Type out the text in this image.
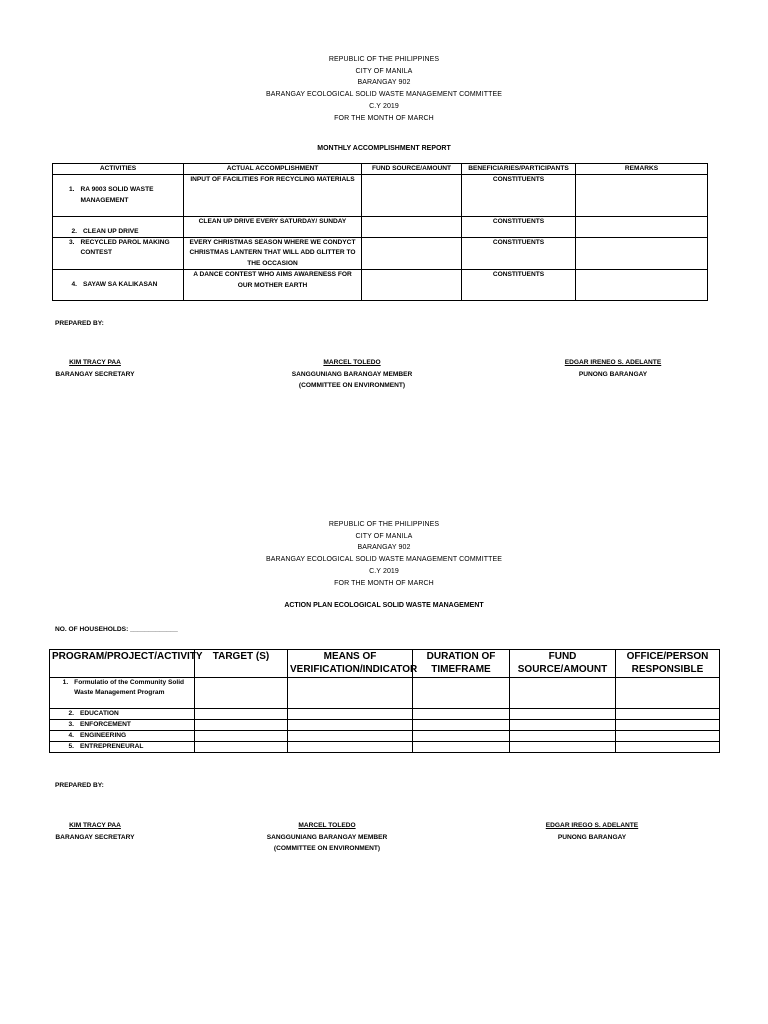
REPUBLIC OF THE PHILIPPINES
CITY OF MANILA
BARANGAY 902
BARANGAY ECOLOGICAL SOLID WASTE MANAGEMENT COMMITTEE
C.Y 2019
FOR THE MONTH OF MARCH
MONTHLY ACCOMPLISHMENT REPORT
ACTIVITIES	ACTUAL ACCOMPLISHMENT	FUND SOURCE/AMOUNT	BENEFICIARIES/PARTICIPANTS	REMARKS

1. RA 9003 SOLID WASTE MANAGEMENT	INPUT OF FACILITIES FOR RECYCLING MATERIALS		CONSTITUENTS	

2. CLEAN UP DRIVE	CLEAN UP DRIVE EVERY SATURDAY/ SUNDAY		CONSTITUENTS	

3. RECYCLED PAROL MAKING CONTEST	EVERY CHRISTMAS SEASON WHERE WE CONDYCT CHRISTMAS LANTERN THAT WILL ADD GLITTER TO THE OCCASION		CONSTITUENTS	

4. SAYAW SA KALIKASAN	A DANCE CONTEST WHO AIMS AWARENESS FOR OUR MOTHER EARTH		CONSTITUENTS	
PREPARED BY:
KIM TRACY PAA
BARANGAY SECRETARY
MARCEL TOLEDO
SANGGUNIANG BARANGAY MEMBER
(COMMITTEE ON ENVIRONMENT)
EDGAR IRENEO S. ADELANTE
PUNONG BARANGAY
REPUBLIC OF THE PHILIPPINES
CITY OF MANILA
BARANGAY 902
BARANGAY ECOLOGICAL SOLID WASTE MANAGEMENT COMMITTEE
C.Y 2019
FOR THE MONTH OF MARCH
ACTION PLAN ECOLOGICAL SOLID WASTE MANAGEMENT
NO. OF HOUSEHOLDS: _____________
PROGRAM/PROJECT/ACTIVITY	TARGET (S)	MEANS OF VERIFICATION/INDICATOR	DURATION OF TIMEFRAME	FUND SOURCE/AMOUNT	OFFICE/PERSON RESPONSIBLE

1. Formulatio of the Community Solid Waste Management Program					

2. EDUCATION					

3. ENFORCEMENT					

4. ENGINEERING					

5. ENTREPRENEURAL					

PREPARED BY:
KIM TRACY PAA
BARANGAY SECRETARY
MARCEL TOLEDO
SANGGUNIANG BARANGAY MEMBER
(COMMITTEE ON ENVIRONMENT)
EDGAR IREGO S. ADELANTE
PUNONG BARANGAY
